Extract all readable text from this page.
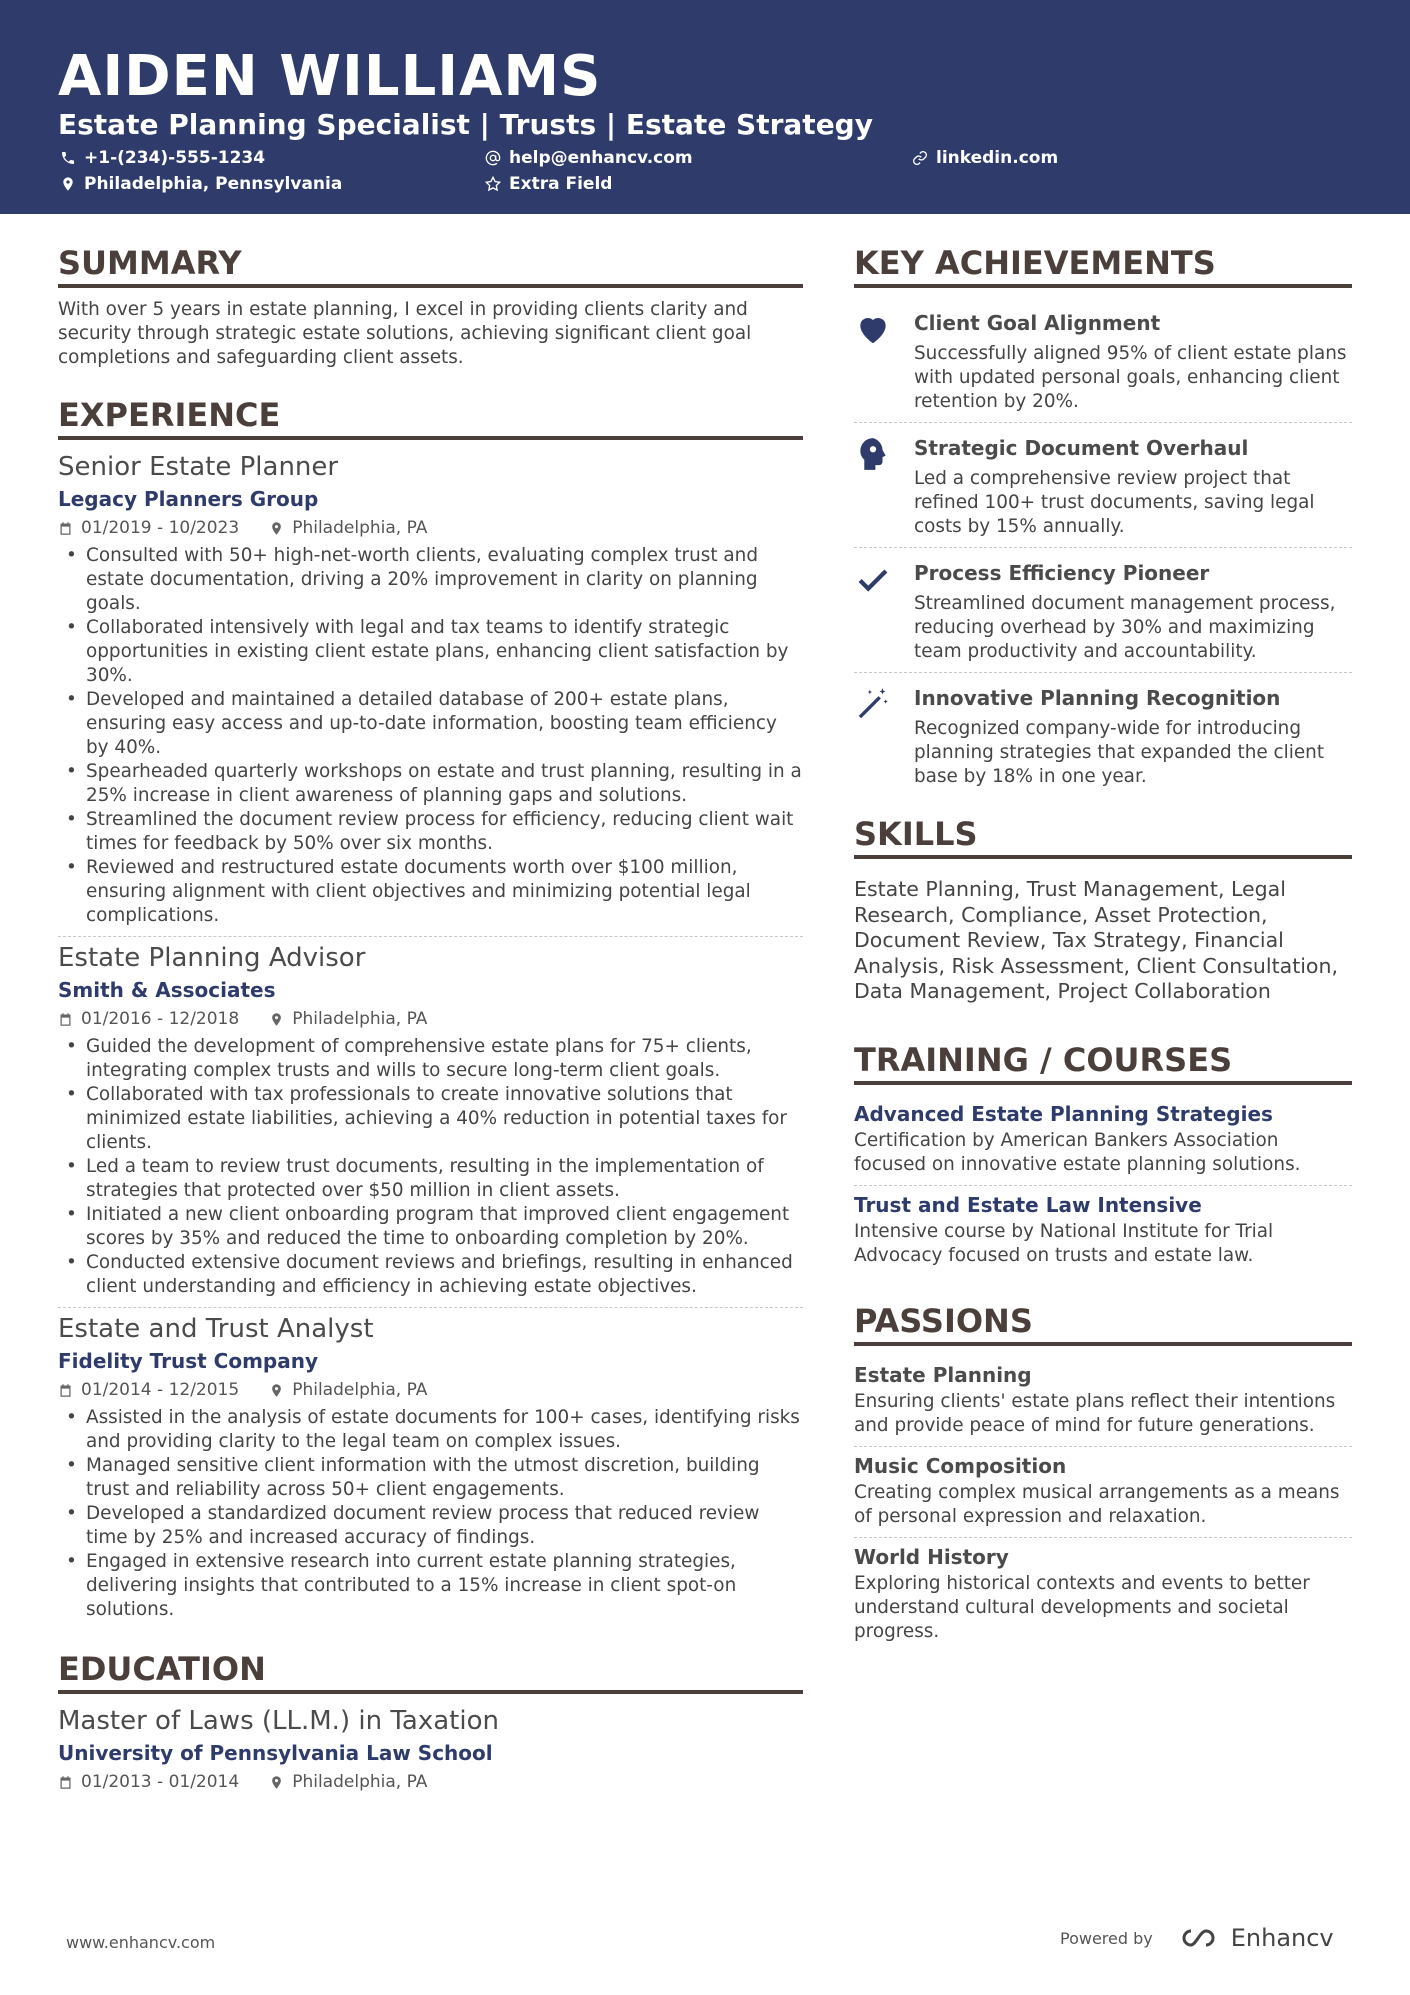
AIDEN WILLIAMS
Estate Planning Specialist | Trusts | Estate Strategy
+1-(234)-555-1234	help@enhancv.com	linkedin.com
Philadelphia, Pennsylvania	Extra Field
SUMMARY
With over 5 years in estate planning, I excel in providing clients clarity and security through strategic estate solutions, achieving significant client goal completions and safeguarding client assets.
EXPERIENCE
Senior Estate Planner
Legacy Planners Group
01/2019 - 10/2023	Philadelphia, PA
• Consulted with 50+ high-net-worth clients, evaluating complex trust and estate documentation, driving a 20% improvement in clarity on planning goals.
• Collaborated intensively with legal and tax teams to identify strategic opportunities in existing client estate plans, enhancing client satisfaction by 30%.
• Developed and maintained a detailed database of 200+ estate plans, ensuring easy access and up-to-date information, boosting team efficiency by 40%.
• Spearheaded quarterly workshops on estate and trust planning, resulting in a 25% increase in client awareness of planning gaps and solutions.
• Streamlined the document review process for efficiency, reducing client wait times for feedback by 50% over six months.
• Reviewed and restructured estate documents worth over $100 million, ensuring alignment with client objectives and minimizing potential legal complications.
Estate Planning Advisor
Smith & Associates
01/2016 - 12/2018	Philadelphia, PA
• Guided the development of comprehensive estate plans for 75+ clients, integrating complex trusts and wills to secure long-term client goals.
• Collaborated with tax professionals to create innovative solutions that minimized estate liabilities, achieving a 40% reduction in potential taxes for clients.
• Led a team to review trust documents, resulting in the implementation of strategies that protected over $50 million in client assets.
• Initiated a new client onboarding program that improved client engagement scores by 35% and reduced the time to onboarding completion by 20%.
• Conducted extensive document reviews and briefings, resulting in enhanced client understanding and efficiency in achieving estate objectives.
Estate and Trust Analyst
Fidelity Trust Company
01/2014 - 12/2015	Philadelphia, PA
• Assisted in the analysis of estate documents for 100+ cases, identifying risks and providing clarity to the legal team on complex issues.
• Managed sensitive client information with the utmost discretion, building trust and reliability across 50+ client engagements.
• Developed a standardized document review process that reduced review time by 25% and increased accuracy of findings.
• Engaged in extensive research into current estate planning strategies, delivering insights that contributed to a 15% increase in client spot-on solutions.
EDUCATION
Master of Laws (LL.M.) in Taxation
University of Pennsylvania Law School
01/2013 - 01/2014	Philadelphia, PA
KEY ACHIEVEMENTS
Client Goal Alignment
Successfully aligned 95% of client estate plans with updated personal goals, enhancing client retention by 20%.
Strategic Document Overhaul
Led a comprehensive review project that refined 100+ trust documents, saving legal costs by 15% annually.
Process Efficiency Pioneer
Streamlined document management process, reducing overhead by 30% and maximizing team productivity and accountability.
Innovative Planning Recognition
Recognized company-wide for introducing planning strategies that expanded the client base by 18% in one year.
SKILLS
Estate Planning, Trust Management, Legal Research, Compliance, Asset Protection, Document Review, Tax Strategy, Financial Analysis, Risk Assessment, Client Consultation, Data Management, Project Collaboration
TRAINING / COURSES
Advanced Estate Planning Strategies
Certification by American Bankers Association focused on innovative estate planning solutions.
Trust and Estate Law Intensive
Intensive course by National Institute for Trial Advocacy focused on trusts and estate law.
PASSIONS
Estate Planning
Ensuring clients' estate plans reflect their intentions and provide peace of mind for future generations.
Music Composition
Creating complex musical arrangements as a means of personal expression and relaxation.
World History
Exploring historical contexts and events to better understand cultural developments and societal progress.
www.enhancv.com	Powered by	Enhancv
